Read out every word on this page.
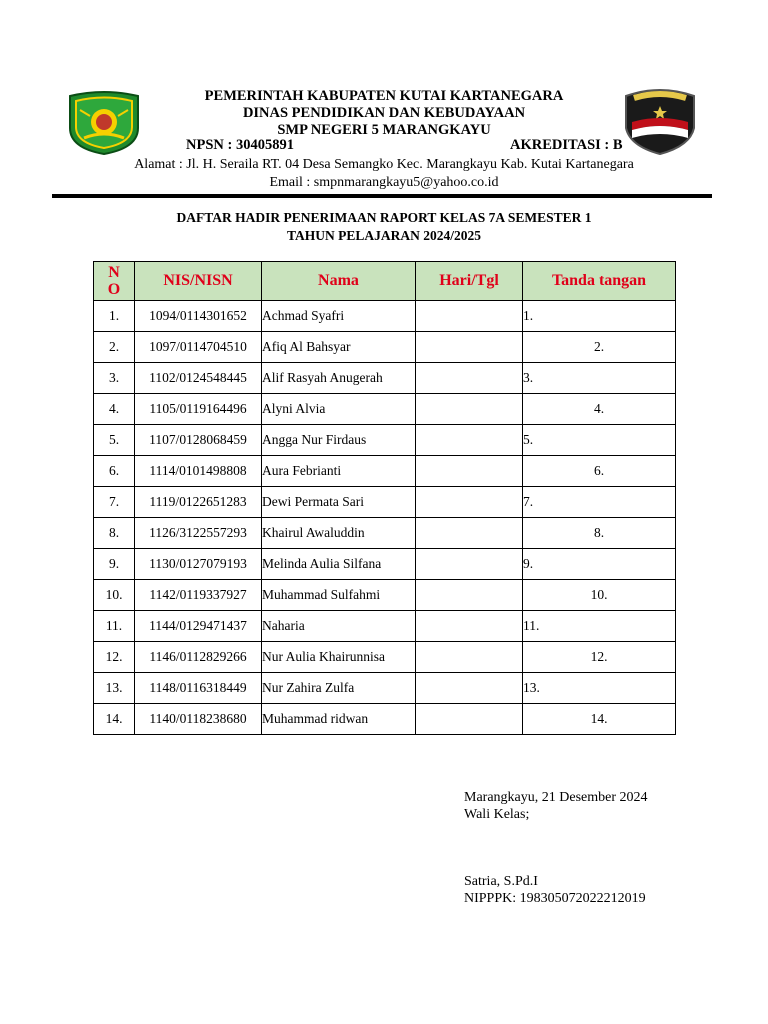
PEMERINTAH KABUPATEN KUTAI KARTANEGARA
DINAS PENDIDIKAN DAN KEBUDAYAAN
SMP NEGERI 5 MARANGKAYU
NPSN : 30405891	AKREDITASI : B
Alamat : Jl. H. Seraila RT. 04 Desa Semangko Kec. Marangkayu Kab. Kutai Kartanegara
Email : smpnmarangkayu5@yahoo.co.id
DAFTAR HADIR PENERIMAAN RAPORT KELAS 7A SEMESTER 1
TAHUN PELAJARAN 2024/2025
N
O	NIS/NISN	Nama	Hari/Tgl	Tanda tangan
1.	1094/0114301652	Achmad Syafri		1.
2.	1097/0114704510	Afiq Al Bahsyar		2.
3.	1102/0124548445	Alif Rasyah Anugerah		3.
4.	1105/0119164496	Alyni Alvia		4.
5.	1107/0128068459	Angga Nur Firdaus		5.
6.	1114/0101498808	Aura Febrianti		6.
7.	1119/0122651283	Dewi Permata Sari		7.
8.	1126/3122557293	Khairul Awaluddin		8.
9.	1130/0127079193	Melinda Aulia Silfana		9.
10.	1142/0119337927	Muhammad Sulfahmi		10.
11.	1144/0129471437	Naharia		11.
12.	1146/0112829266	Nur Aulia Khairunnisa		12.
13.	1148/0116318449	Nur Zahira Zulfa		13.
14.	1140/0118238680	Muhammad ridwan		14.
Marangkayu, 21 Desember 2024
Wali Kelas;
Satria, S.Pd.I
NIPPPK: 198305072022212019
